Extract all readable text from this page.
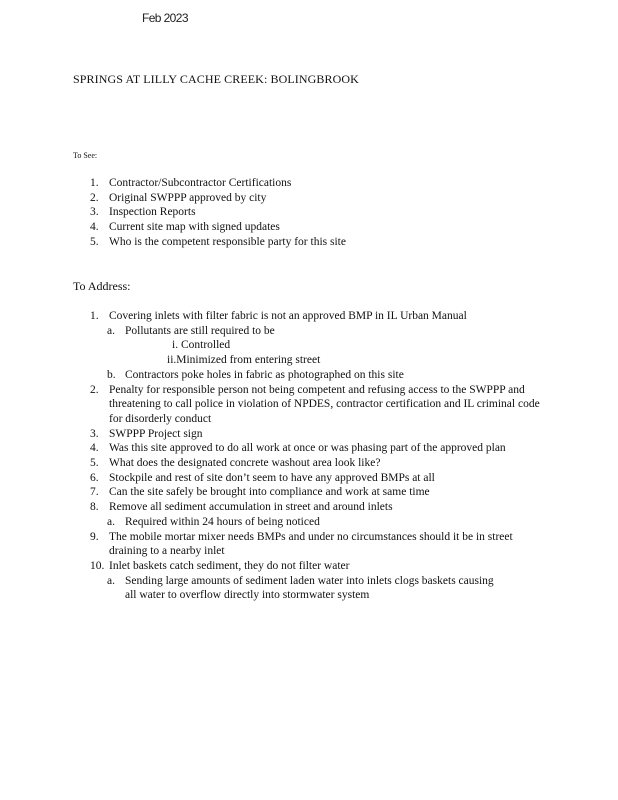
Feb 2023
SPRINGS AT LILLY CACHE CREEK: BOLINGBROOK
To See:
1. Contractor/Subcontractor Certifications
2. Original SWPPP approved by city
3. Inspection Reports
4. Current site map with signed updates
5. Who is the competent responsible party for this site
To Address:
1. Covering inlets with filter fabric is not an approved BMP in IL Urban Manual
a. Pollutants are still required to be
i. Controlled
ii.Minimized from entering street
b. Contractors poke holes in fabric as photographed on this site
2. Penalty for responsible person not being competent and refusing access to the SWPPP and threatening to call police in violation of NPDES, contractor certification and IL criminal code for disorderly conduct
3. SWPPP Project sign
4. Was this site approved to do all work at once or was phasing part of the approved plan
5. What does the designated concrete washout area look like?
6. Stockpile and rest of site don’t seem to have any approved BMPs at all
7. Can the site safely be brought into compliance and work at same time
8. Remove all sediment accumulation in street and around inlets
a. Required within 24 hours of being noticed
9. The mobile mortar mixer needs BMPs and under no circumstances should it be in street draining to a nearby inlet
10. Inlet baskets catch sediment, they do not filter water
a. Sending large amounts of sediment laden water into inlets clogs baskets causing all water to overflow directly into stormwater system
